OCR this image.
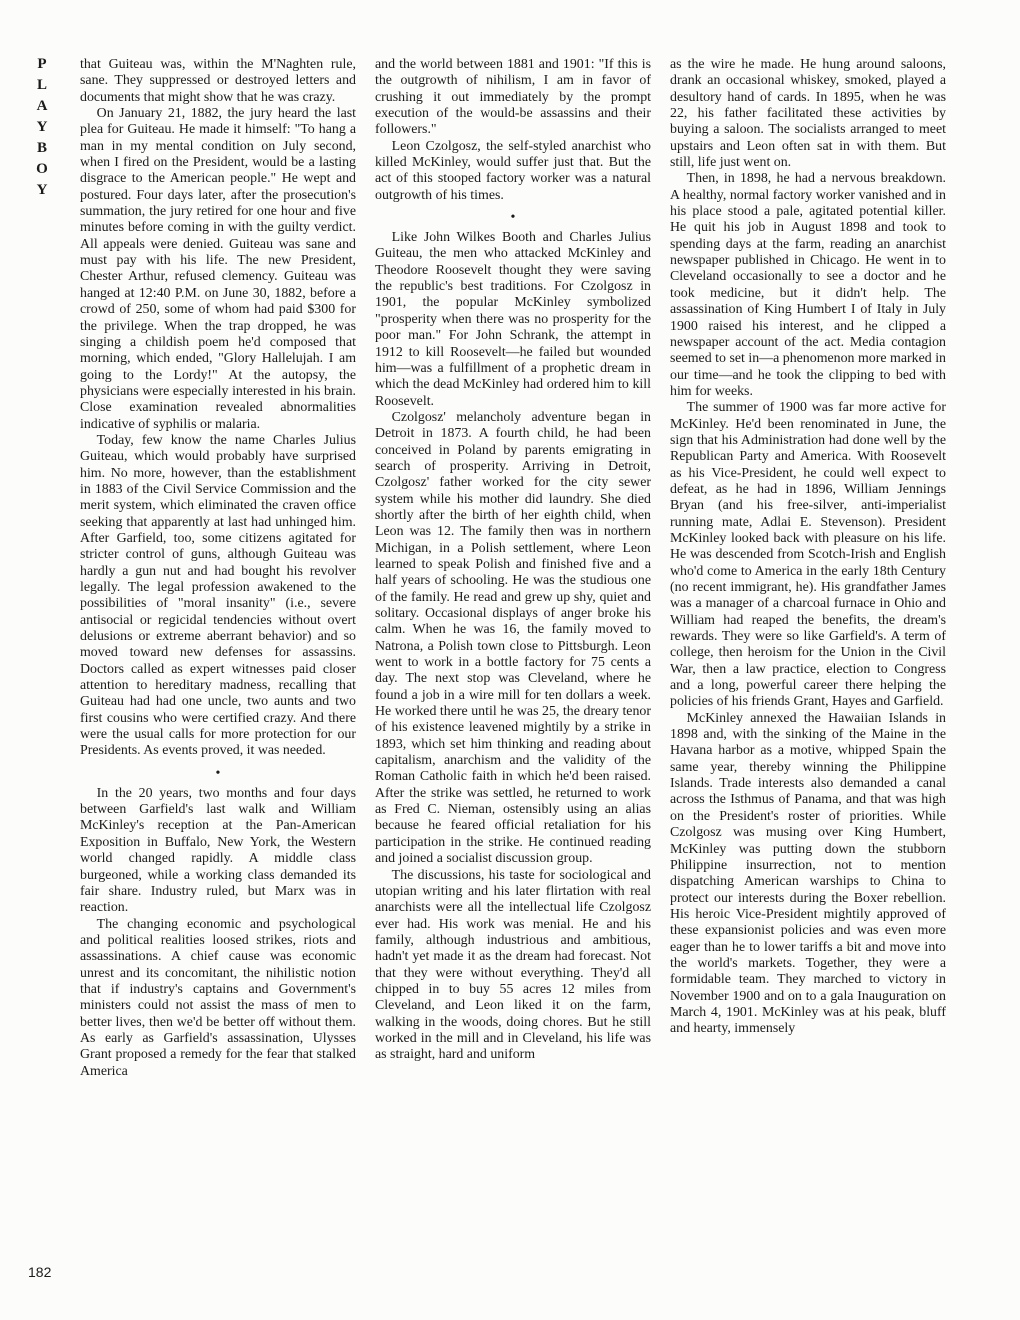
P
L
A
Y
B
O
Y

that Guiteau was, within the M'Naghten rule, sane. They suppressed or destroyed letters and documents that might show that he was crazy.

On January 21, 1882, the jury heard the last plea for Guiteau. He made it himself: "To hang a man in my mental condition on July second, when I fired on the President, would be a lasting disgrace to the American people." He wept and postured. Four days later, after the prosecution's summation, the jury retired for one hour and five minutes before coming in with the guilty verdict. All appeals were denied. Guiteau was sane and must pay with his life. The new President, Chester Arthur, refused clemency. Guiteau was hanged at 12:40 P.M. on June 30, 1882, before a crowd of 250, some of whom had paid $300 for the privilege. When the trap dropped, he was singing a childish poem he'd composed that morning, which ended, "Glory Hallelujah. I am going to the Lordy!" At the autopsy, the physicians were especially interested in his brain. Close examination revealed abnormalities indicative of syphilis or malaria.

Today, few know the name Charles Julius Guiteau, which would probably have surprised him. No more, however, than the establishment in 1883 of the Civil Service Commission and the merit system, which eliminated the craven office seeking that apparently at last had unhinged him. After Garfield, too, some citizens agitated for stricter control of guns, although Guiteau was hardly a gun nut and had bought his revolver legally. The legal profession awakened to the possibilities of "moral insanity" (i.e., severe antisocial or regicidal tendencies without overt delusions or extreme aberrant behavior) and so moved toward new defenses for assassins. Doctors called as expert witnesses paid closer attention to hereditary madness, recalling that Guiteau had had one uncle, two aunts and two first cousins who were certified crazy. And there were the usual calls for more protection for our Presidents. As events proved, it was needed.

•

In the 20 years, two months and four days between Garfield's last walk and William McKinley's reception at the Pan-American Exposition in Buffalo, New York, the Western world changed rapidly. A middle class burgeoned, while a working class demanded its fair share. Industry ruled, but Marx was in reaction.

The changing economic and psychological and political realities loosed strikes, riots and assassinations. A chief cause was economic unrest and its concomitant, the nihilistic notion that if industry's captains and Government's ministers could not assist the mass of men to better lives, then we'd be better off without them. As early as Garfield's assassination, Ulysses Grant proposed a remedy for the fear that stalked America

and the world between 1881 and 1901: "If this is the outgrowth of nihilism, I am in favor of crushing it out immediately by the prompt execution of the would-be assassins and their followers."

Leon Czolgosz, the self-styled anarchist who killed McKinley, would suffer just that. But the act of this stooped factory worker was a natural outgrowth of his times.

•

Like John Wilkes Booth and Charles Julius Guiteau, the men who attacked McKinley and Theodore Roosevelt thought they were saving the republic's best traditions. For Czolgosz in 1901, the popular McKinley symbolized "prosperity when there was no prosperity for the poor man." For John Schrank, the attempt in 1912 to kill Roosevelt—he failed but wounded him—was a fulfillment of a prophetic dream in which the dead McKinley had ordered him to kill Roosevelt.

Czolgosz' melancholy adventure began in Detroit in 1873. A fourth child, he had been conceived in Poland by parents emigrating in search of prosperity. Arriving in Detroit, Czolgosz' father worked for the city sewer system while his mother did laundry. She died shortly after the birth of her eighth child, when Leon was 12. The family then was in northern Michigan, in a Polish settlement, where Leon learned to speak Polish and finished five and a half years of schooling. He was the studious one of the family. He read and grew up shy, quiet and solitary. Occasional displays of anger broke his calm. When he was 16, the family moved to Natrona, a Polish town close to Pittsburgh. Leon went to work in a bottle factory for 75 cents a day. The next stop was Cleveland, where he found a job in a wire mill for ten dollars a week. He worked there until he was 25, the dreary tenor of his existence leavened mightily by a strike in 1893, which set him thinking and reading about capitalism, anarchism and the validity of the Roman Catholic faith in which he'd been raised. After the strike was settled, he returned to work as Fred C. Nieman, ostensibly using an alias because he feared official retaliation for his participation in the strike. He continued reading and joined a socialist discussion group.

The discussions, his taste for sociological and utopian writing and his later flirtation with real anarchists were all the intellectual life Czolgosz ever had. His work was menial. He and his family, although industrious and ambitious, hadn't yet made it as the dream had forecast. Not that they were without everything. They'd all chipped in to buy 55 acres 12 miles from Cleveland, and Leon liked it on the farm, walking in the woods, doing chores. But he still worked in the mill and in Cleveland, his life was as straight, hard and uniform

as the wire he made. He hung around saloons, drank an occasional whiskey, smoked, played a desultory hand of cards. In 1895, when he was 22, his father facilitated these activities by buying a saloon. The socialists arranged to meet upstairs and Leon often sat in with them. But still, life just went on.

Then, in 1898, he had a nervous breakdown. A healthy, normal factory worker vanished and in his place stood a pale, agitated potential killer. He quit his job in August 1898 and took to spending days at the farm, reading an anarchist newspaper published in Chicago. He went in to Cleveland occasionally to see a doctor and he took medicine, but it didn't help. The assassination of King Humbert I of Italy in July 1900 raised his interest, and he clipped a newspaper account of the act. Media contagion seemed to set in—a phenomenon more marked in our time—and he took the clipping to bed with him for weeks.

The summer of 1900 was far more active for McKinley. He'd been renominated in June, the sign that his Administration had done well by the Republican Party and America. With Roosevelt as his Vice-President, he could well expect to defeat, as he had in 1896, William Jennings Bryan (and his free-silver, anti-imperialist running mate, Adlai E. Stevenson). President McKinley looked back with pleasure on his life. He was descended from Scotch-Irish and English who'd come to America in the early 18th Century (no recent immigrant, he). His grandfather James was a manager of a charcoal furnace in Ohio and William had reaped the benefits, the dream's rewards. They were so like Garfield's. A term of college, then heroism for the Union in the Civil War, then a law practice, election to Congress and a long, powerful career there helping the policies of his friends Grant, Hayes and Garfield.

McKinley annexed the Hawaiian Islands in 1898 and, with the sinking of the Maine in the Havana harbor as a motive, whipped Spain the same year, thereby winning the Philippine Islands. Trade interests also demanded a canal across the Isthmus of Panama, and that was high on the President's roster of priorities. While Czolgosz was musing over King Humbert, McKinley was putting down the stubborn Philippine insurrection, not to mention dispatching American warships to China to protect our interests during the Boxer rebellion. His heroic Vice-President mightily approved of these expansionist policies and was even more eager than he to lower tariffs a bit and move into the world's markets. Together, they were a formidable team. They marched to victory in November 1900 and on to a gala Inauguration on March 4, 1901. McKinley was at his peak, bluff and hearty, immensely

182
